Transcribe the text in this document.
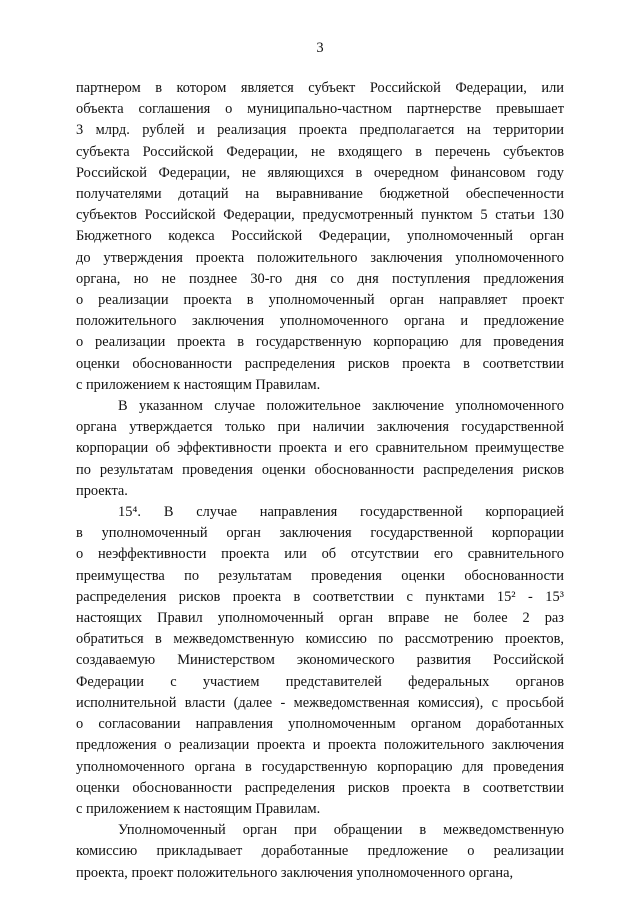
3
партнером в котором является субъект Российской Федерации, или
объекта соглашения о муниципально-частном партнерстве превышает
3 млрд. рублей и реализация проекта предполагается на территории
субъекта Российской Федерации, не входящего в перечень субъектов
Российской Федерации, не являющихся в очередном финансовом году
получателями дотаций на выравнивание бюджетной обеспеченности
субъектов Российской Федерации, предусмотренный пунктом 5 статьи 130
Бюджетного кодекса Российской Федерации, уполномоченный орган
до утверждения проекта положительного заключения уполномоченного
органа, но не позднее 30-го дня со дня поступления предложения
о реализации проекта в уполномоченный орган направляет проект
положительного заключения уполномоченного органа и предложение
о реализации проекта в государственную корпорацию для проведения
оценки обоснованности распределения рисков проекта в соответствии
с приложением к настоящим Правилам.
В указанном случае положительное заключение уполномоченного
органа утверждается только при наличии заключения государственной
корпорации об эффективности проекта и его сравнительном преимуществе
по результатам проведения оценки обоснованности распределения рисков
проекта.
15⁴. В случае направления государственной корпорацией
в уполномоченный орган заключения государственной корпорации
о неэффективности проекта или об отсутствии его сравнительного
преимущества по результатам проведения оценки обоснованности
распределения рисков проекта в соответствии с пунктами 15² - 15³
настоящих Правил уполномоченный орган вправе не более 2 раз
обратиться в межведомственную комиссию по рассмотрению проектов,
создаваемую Министерством экономического развития Российской
Федерации с участием представителей федеральных органов
исполнительной власти (далее - межведомственная комиссия), с просьбой
о согласовании направления уполномоченным органом доработанных
предложения о реализации проекта и проекта положительного заключения
уполномоченного органа в государственную корпорацию для проведения
оценки обоснованности распределения рисков проекта в соответствии
с приложением к настоящим Правилам.
Уполномоченный орган при обращении в межведомственную
комиссию прикладывает доработанные предложение о реализации
проекта, проект положительного заключения уполномоченного органа,
